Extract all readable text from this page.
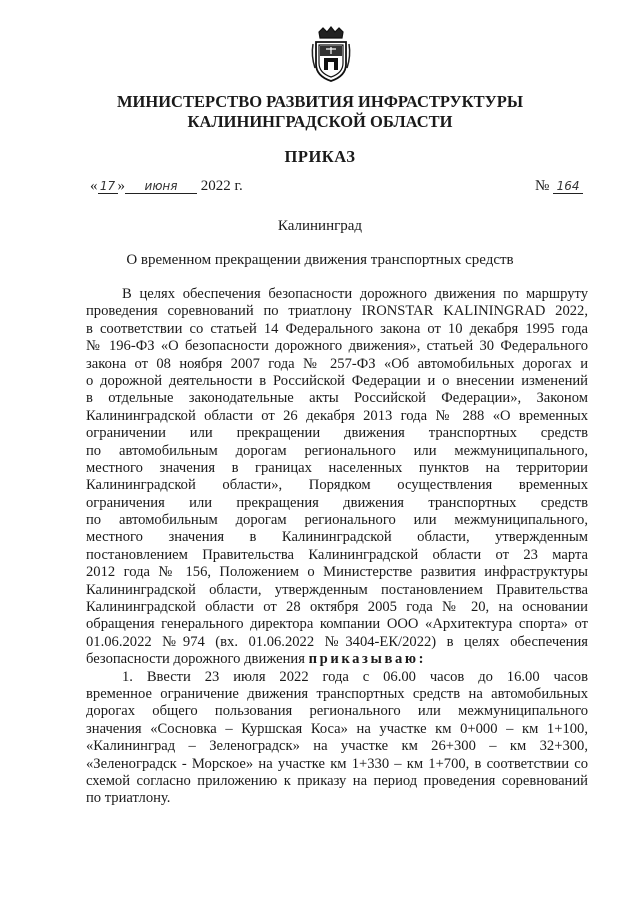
МИНИСТЕРСТВО РАЗВИТИЯ ИНФРАСТРУКТУРЫ
КАЛИНИНГРАДСКОЙ ОБЛАСТИ
ПРИКАЗ
« 17 » июня 2022 г.	№ 164
Калининград
О временном прекращении движения транспортных средств
В целях обеспечения безопасности дорожного движения по маршруту
проведения соревнований по триатлону IRONSTAR KALININGRAD 2022,
в соответствии со статьей 14 Федерального закона от 10 декабря 1995 года
№ 196-ФЗ «О безопасности дорожного движения», статьей 30 Федерального
закона от 08 ноября 2007 года № 257-ФЗ «Об автомобильных дорогах и
о дорожной деятельности в Российской Федерации и о внесении изменений
в отдельные законодательные акты Российской Федерации», Законом
Калининградской области от 26 декабря 2013 года № 288 «О временных
ограничении или прекращении движения транспортных средств
по автомобильным дорогам регионального или межмуниципального,
местного значения в границах населенных пунктов на территории
Калининградской области», Порядком осуществления временных
ограничения или прекращения движения транспортных средств
по автомобильным дорогам регионального или межмуниципального,
местного значения в Калининградской области, утвержденным
постановлением Правительства Калининградской области от 23 марта
2012 года № 156, Положением о Министерстве развития инфраструктуры
Калининградской области, утвержденным постановлением Правительства
Калининградской области от 28 октября 2005 года № 20, на основании
обращения генерального директора компании ООО «Архитектура спорта» от
01.06.2022 №974 (вх. 01.06.2022 №3404-ЕК/2022) в целях обеспечения
безопасности дорожного движения приказываю:
1. Ввести 23 июля 2022 года с 06.00 часов до 16.00 часов
временное ограничение движения транспортных средств на автомобильных
дорогах общего пользования регионального или межмуниципального
значения «Сосновка – Куршская Коса» на участке км 0+000 – км 1+100,
«Калининград – Зеленоградск» на участке км 26+300 – км 32+300,
«Зеленоградск - Морское» на участке км 1+330 – км 1+700, в соответствии со
схемой согласно приложению к приказу на период проведения соревнований
по триатлону.
